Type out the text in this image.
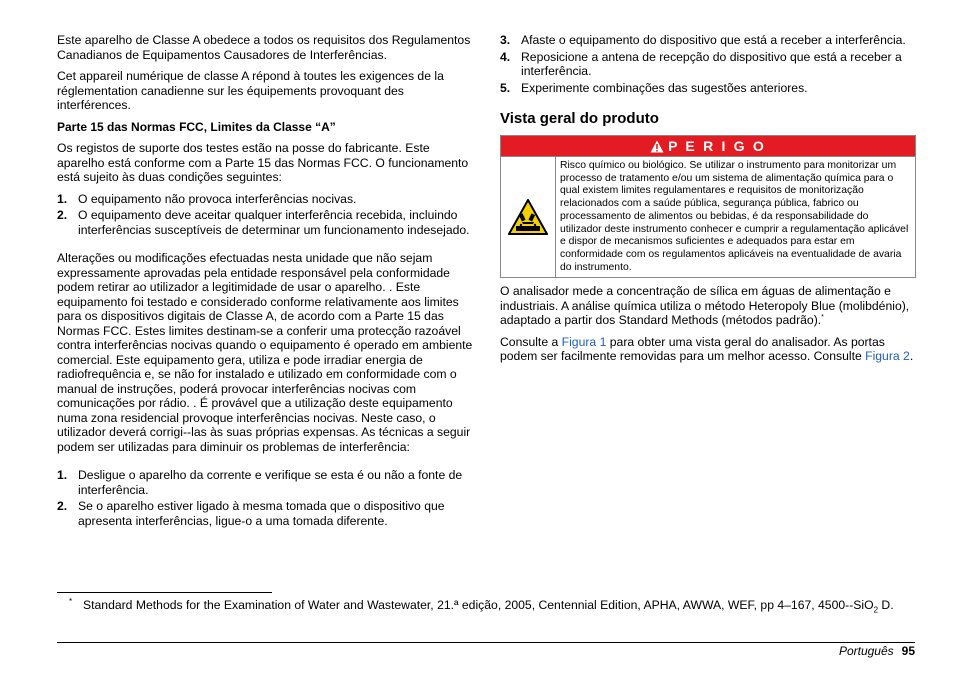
Este aparelho de Classe A obedece a todos os requisitos dos Regulamentos Canadianos de Equipamentos Causadores de Interferências.

Cet appareil numérique de classe A répond à toutes les exigences de la réglementation canadienne sur les équipements provoquant des interférences.

Parte 15 das Normas FCC, Limites da Classe “A”

Os registos de suporte dos testes estão na posse do fabricante. Este aparelho está conforme com a Parte 15 das Normas FCC. O funcionamento está sujeito às duas condições seguintes:

1. O equipamento não provoca interferências nocivas.
2. O equipamento deve aceitar qualquer interferência recebida, incluindo interferências susceptíveis de determinar um funcionamento indesejado.

Alterações ou modificações efectuadas nesta unidade que não sejam expressamente aprovadas pela entidade responsável pela conformidade podem retirar ao utilizador a legitimidade de usar o aparelho. . Este equipamento foi testado e considerado conforme relativamente aos limites para os dispositivos digitais de Classe A, de acordo com a Parte 15 das Normas FCC. Estes limites destinam-se a conferir uma protecção razoável contra interferências nocivas quando o equipamento é operado em ambiente comercial. Este equipamento gera, utiliza e pode irradiar energia de radiofrequência e, se não for instalado e utilizado em conformidade com o manual de instruções, poderá provocar interferências nocivas com comunicações por rádio. . É provável que a utilização deste equipamento numa zona residencial provoque interferências nocivas. Neste caso, o utilizador deverá corrigi--las às suas próprias expensas. As técnicas a seguir podem ser utilizadas para diminuir os problemas de interferência:

1. Desligue o aparelho da corrente e verifique se esta é ou não a fonte de interferência.
2. Se o aparelho estiver ligado à mesma tomada que o dispositivo que apresenta interferências, ligue-o a uma tomada diferente.
3. Afaste o equipamento do dispositivo que está a receber a interferência.
4. Reposicione a antena de recepção do dispositivo que está a receber a interferência.
5. Experimente combinações das sugestões anteriores.

Vista geral do produto

P E R I G O
Risco químico ou biológico. Se utilizar o instrumento para monitorizar um processo de tratamento e/ou um sistema de alimentação química para o qual existem limites regulamentares e requisitos de monitorização relacionados com a saúde pública, segurança pública, fabrico ou processamento de alimentos ou bebidas, é da responsabilidade do utilizador deste instrumento conhecer e cumprir a regulamentação aplicável e dispor de mecanismos suficientes e adequados para estar em conformidade com os regulamentos aplicáveis na eventualidade de avaria do instrumento.

O analisador mede a concentração de sílica em águas de alimentação e industriais. A análise química utiliza o método Heteropoly Blue (molibdénio), adaptado a partir dos Standard Methods (métodos padrão).*

Consulte a Figura 1 para obter uma vista geral do analisador. As portas podem ser facilmente removidas para um melhor acesso. Consulte Figura 2.

* Standard Methods for the Examination of Water and Wastewater, 21.ª edição, 2005, Centennial Edition, APHA, AWWA, WEF, pp 4–167, 4500--SiO$_2$ D.
Português 95
